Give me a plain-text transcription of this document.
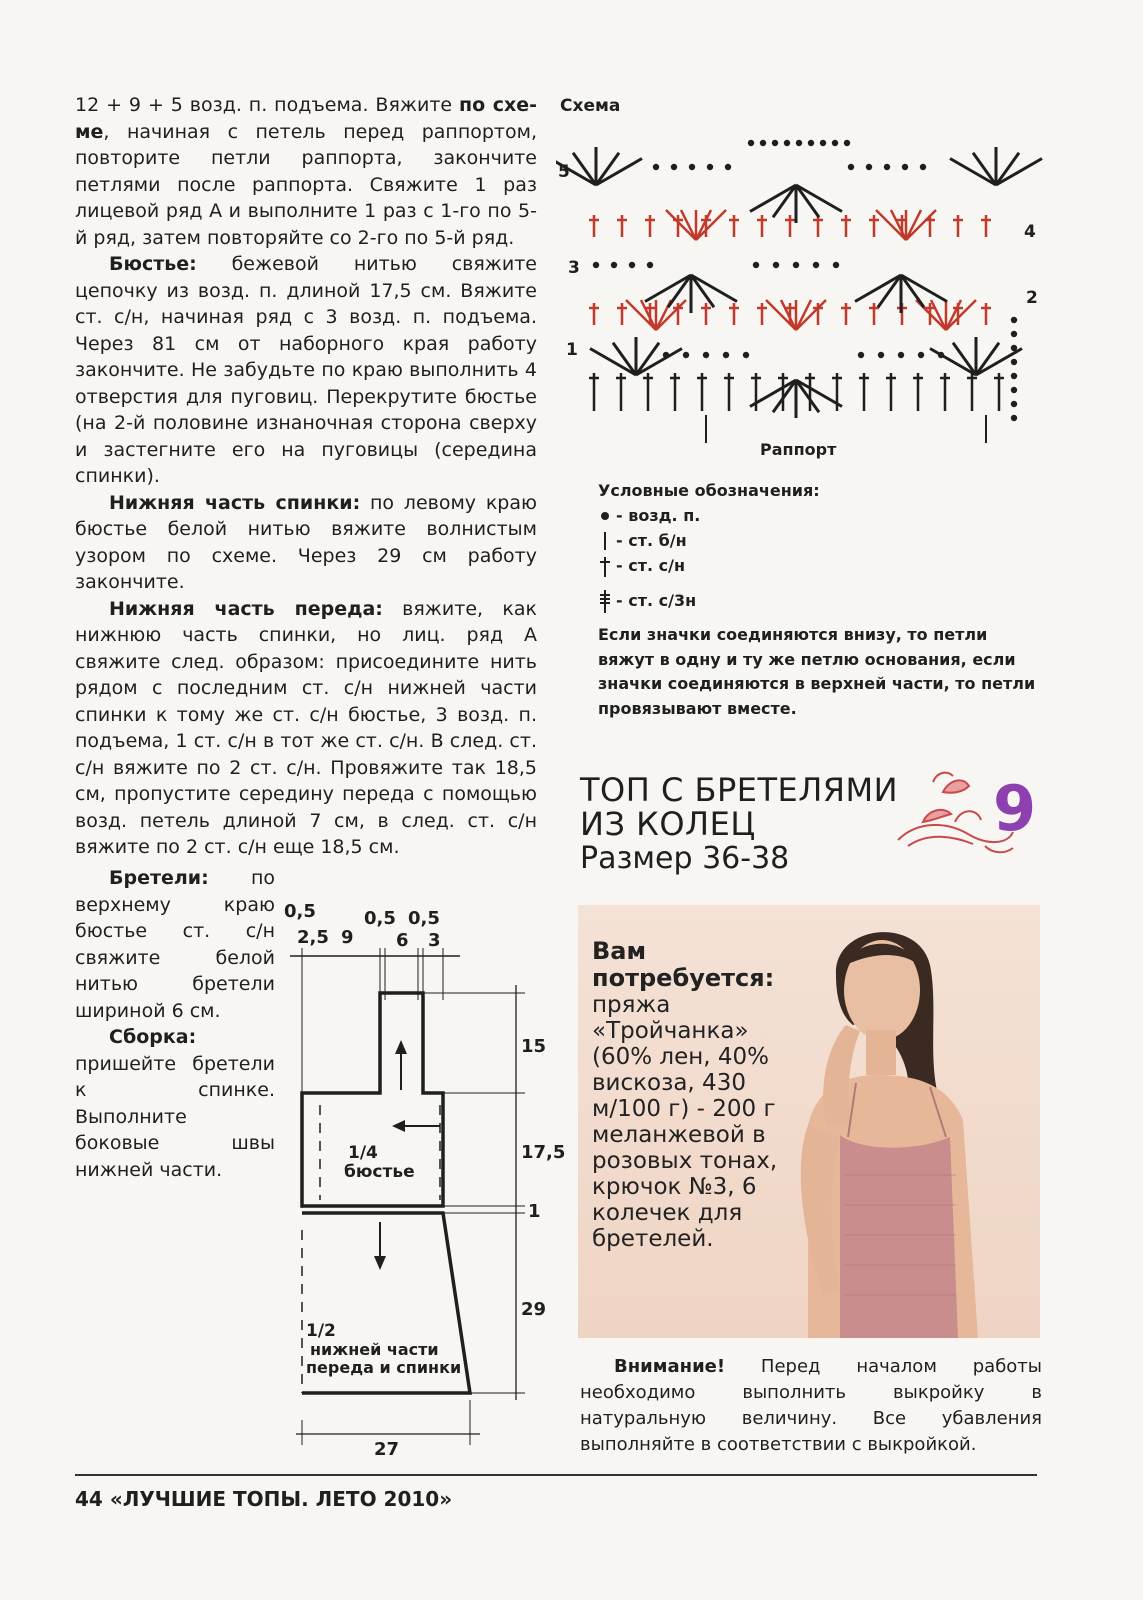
12 + 9 + 5 возд. п. подъема. Вяжите по схе-ме, начиная с петель перед раппортом, повторите петли раппорта, закончите петлями после раппорта. Свяжите 1 раз лицевой ряд А и выполните 1 раз с 1-го по 5-й ряд, затем повторяйте со 2-го по 5-й ряд.

Бюстье: бежевой нитью свяжите цепочку из возд. п. длиной 17,5 см. Вяжите ст. с/н, начиная ряд с 3 возд. п. подъема. Через 81 см от наборного края работу закончите. Не забудьте по краю выполнить 4 отверстия для пуговиц. Перекрутите бюстье (на 2-й половине изнаночная сторона сверху и застегните его на пуговицы (середина спинки).

Нижняя часть спинки: по левому краю бюстье белой нитью вяжите волнистым узором по схеме. Через 29 см работу закончите.

Нижняя часть переда: вяжите, как нижнюю часть спинки, но лиц. ряд А свяжите след. образом: присоедините нить рядом с последним ст. с/н нижней части спинки к тому же ст. с/н бюстье, 3 возд. п. подъема, 1 ст. с/н в тот же ст. с/н. В след. ст. с/н вяжите по 2 ст. с/н. Провяжите так 18,5 см, пропустите середину переда с помощью возд. петель длиной 7 см, в след. ст. с/н вяжите по 2 ст. с/н еще 18,5 см.

Бретели: по верхнему краю бюстье ст. с/н свяжите белой нитью бретели шириной 6 см.

Сборка: пришейте бретели к спинке. Выполните боковые швы нижней части.

0,5
2,5 9
0,5 0,5
6 3
15
17,5
1
29
27
1/4
бюстье
1/2
нижней части
переда и спинки
Схема
1
2
3
4
5
Раппорт
Условные обозначения:
- возд. п.
- ст. б/н
- ст. с/н
- ст. с/3н
Если значки соединяются внизу, то петли вяжут в одну и ту же петлю основания, если значки соединяются в верхней части, то петли провязывают вместе.
ТОП С БРЕТЕЛЯМИ
ИЗ КОЛЕЦ
Размер 36-38
9
Вам потребуется:
пряжа «Тройчанка» (60% лен, 40% вискоза, 430 м/100 г) - 200 г меланжевой в розовых тонах, крючок №3, 6 колечек для бретелей.
Внимание! Перед началом работы необходимо выполнить выкройку в натуральную величину. Все убавления выполняйте в соответствии с выкройкой.
44 «ЛУЧШИЕ ТОПЫ. ЛЕТО 2010»
